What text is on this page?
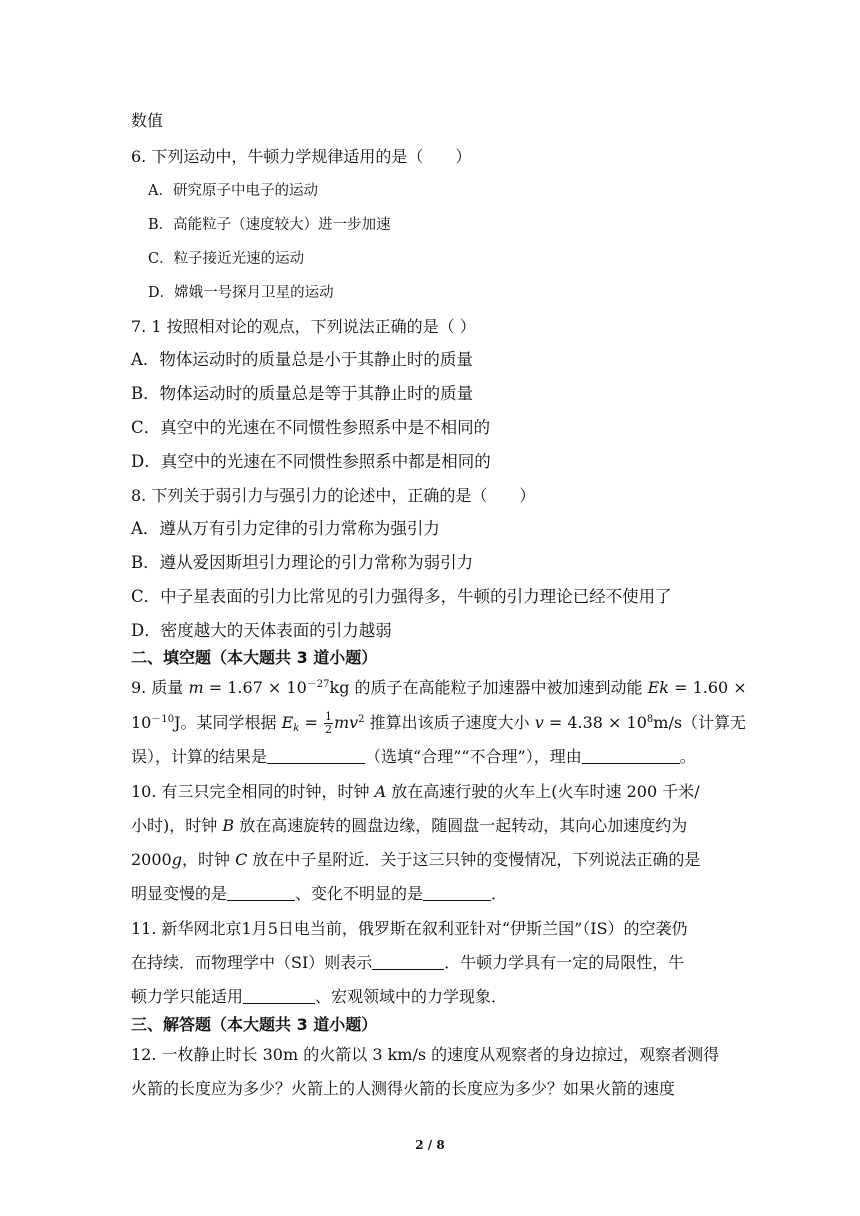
数值
6. 下列运动中，牛顿力学规律适用的是（　　）
A．研究原子中电子的运动
B．高能粒子（速度较大）进一步加速
C．粒子接近光速的运动
D．嫦娥一号探月卫星的运动
7. 1 按照相对论的观点，下列说法正确的是（ ）
A．物体运动时的质量总是小于其静止时的质量
B．物体运动时的质量总是等于其静止时的质量
C．真空中的光速在不同惯性参照系中是不相同的
D．真空中的光速在不同惯性参照系中都是相同的
8. 下列关于弱引力与强引力的论述中，正确的是（　　）
A．遵从万有引力定律的引力常称为强引力
B．遵从爱因斯坦引力理论的引力常称为弱引力
C．中子星表面的引力比常见的引力强得多，牛顿的引力理论已经不使用了
D．密度越大的天体表面的引力越弱
二、填空题（本大题共 3 道小题）
9. 质量 $m = 1.67 \times 10^{-27}kg$ 的质子在高能粒子加速器中被加速到动能 Ek = 1.60 ×
$10^{-10}J$。某同学根据 $E_k = \frac{1}{2} mv^2$ 推算出该质子速度大小 $v = 4.38 \times 10^8m/s$（计算无
误），计算的结果是	（选填“合理”“不合理”），理由	。
10. 有三只完全相同的时钟，时钟 A 放在高速行驶的火车上(火车时速 200 千米/
小时)，时钟 B 放在高速旋转的圆盘边缘，随圆盘一起转动，其向心加速度约为
2000g，时钟 C 放在中子星附近．关于这三只钟的变慢情况，下列说法正确的是
明显变慢的是	、变化不明显的是	．
11. 新华网北京1月5日电当前，俄罗斯在叙利亚针对“伊斯兰国”（IS）的空袭仍
在持续．而物理学中（SI）则表示	．牛顿力学具有一定的局限性，牛
顿力学只能适用	、宏观领域中的力学现象．
三、解答题（本大题共 3 道小题）
12. 一枚静止时长 30m 的火箭以 3 km/s 的速度从观察者的身边掠过，观察者测得
火箭的长度应为多少？火箭上的人测得火箭的长度应为多少？如果火箭的速度
2 / 8
